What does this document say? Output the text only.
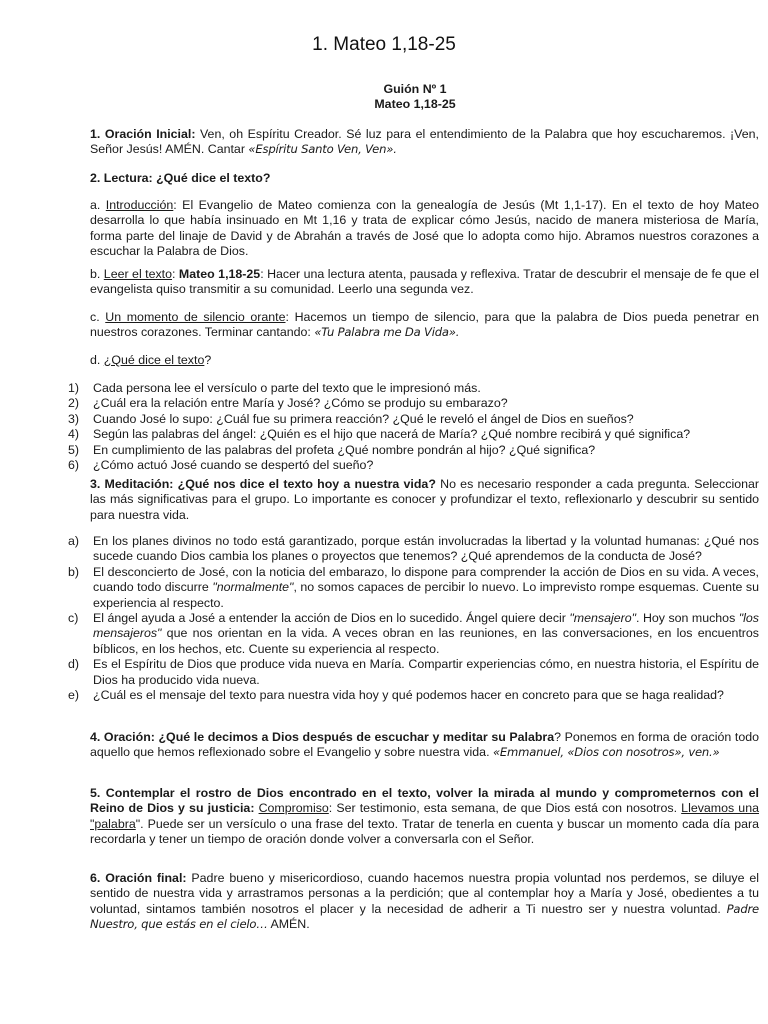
1. Mateo 1,18-25
Guión Nº 1
Mateo 1,18-25
1. Oración Inicial: Ven, oh Espíritu Creador. Sé luz para el entendimiento de la Palabra que hoy escucharemos. ¡Ven, Señor Jesús! AMÉN. Cantar «Espíritu Santo Ven, Ven».
2. Lectura: ¿Qué dice el texto?
a. Introducción: El Evangelio de Mateo comienza con la genealogía de Jesús (Mt 1,1-17). En el texto de hoy Mateo desarrolla lo que había insinuado en Mt 1,16 y trata de explicar cómo Jesús, nacido de manera misteriosa de María, forma parte del linaje de David y de Abrahán a través de José que lo adopta como hijo. Abramos nuestros corazones a escuchar la Palabra de Dios.
b. Leer el texto: Mateo 1,18-25: Hacer una lectura atenta, pausada y reflexiva. Tratar de descubrir el mensaje de fe que el evangelista quiso transmitir a su comunidad. Leerlo una segunda vez.
c. Un momento de silencio orante: Hacemos un tiempo de silencio, para que la palabra de Dios pueda penetrar en nuestros corazones. Terminar cantando: «Tu Palabra me Da Vida».
d. ¿Qué dice el texto?
1) Cada persona lee el versículo o parte del texto que le impresionó más.
2) ¿Cuál era la relación entre María y José? ¿Cómo se produjo su embarazo?
3) Cuando José lo supo: ¿Cuál fue su primera reacción? ¿Qué le reveló el ángel de Dios en sueños?
4) Según las palabras del ángel: ¿Quién es el hijo que nacerá de María? ¿Qué nombre recibirá y qué significa?
5) En cumplimiento de las palabras del profeta ¿Qué nombre pondrán al hijo? ¿Qué significa?
6) ¿Cómo actuó José cuando se despertó del sueño?
3. Meditación: ¿Qué nos dice el texto hoy a nuestra vida? No es necesario responder a cada pregunta. Seleccionar las más significativas para el grupo. Lo importante es conocer y profundizar el texto, reflexionarlo y descubrir su sentido para nuestra vida.
a) En los planes divinos no todo está garantizado, porque están involucradas la libertad y la voluntad humanas: ¿Qué nos sucede cuando Dios cambia los planes o proyectos que tenemos? ¿Qué aprendemos de la conducta de José?
b) El desconcierto de José, con la noticia del embarazo, lo dispone para comprender la acción de Dios en su vida. A veces, cuando todo discurre "normalmente", no somos capaces de percibir lo nuevo. Lo imprevisto rompe esquemas. Cuente su experiencia al respecto.
c) El ángel ayuda a José a entender la acción de Dios en lo sucedido. Ángel quiere decir "mensajero". Hoy son muchos "los mensajeros" que nos orientan en la vida. A veces obran en las reuniones, en las conversaciones, en los encuentros bíblicos, en los hechos, etc. Cuente su experiencia al respecto.
d) Es el Espíritu de Dios que produce vida nueva en María. Compartir experiencias cómo, en nuestra historia, el Espíritu de Dios ha producido vida nueva.
e) ¿Cuál es el mensaje del texto para nuestra vida hoy y qué podemos hacer en concreto para que se haga realidad?
4. Oración: ¿Qué le decimos a Dios después de escuchar y meditar su Palabra? Ponemos en forma de oración todo aquello que hemos reflexionado sobre el Evangelio y sobre nuestra vida. «Emmanuel, «Dios con nosotros», ven.»
5. Contemplar el rostro de Dios encontrado en el texto, volver la mirada al mundo y comprometernos con el Reino de Dios y su justicia: Compromiso: Ser testimonio, esta semana, de que Dios está con nosotros. Llevamos una "palabra". Puede ser un versículo o una frase del texto. Tratar de tenerla en cuenta y buscar un momento cada día para recordarla y tener un tiempo de oración donde volver a conversarla con el Señor.
6. Oración final: Padre bueno y misericordioso, cuando hacemos nuestra propia voluntad nos perdemos, se diluye el sentido de nuestra vida y arrastramos personas a la perdición; que al contemplar hoy a María y José, obedientes a tu voluntad, sintamos también nosotros el placer y la necesidad de adherir a Ti nuestro ser y nuestra voluntad. Padre Nuestro, que estás en el cielo… AMÉN.
